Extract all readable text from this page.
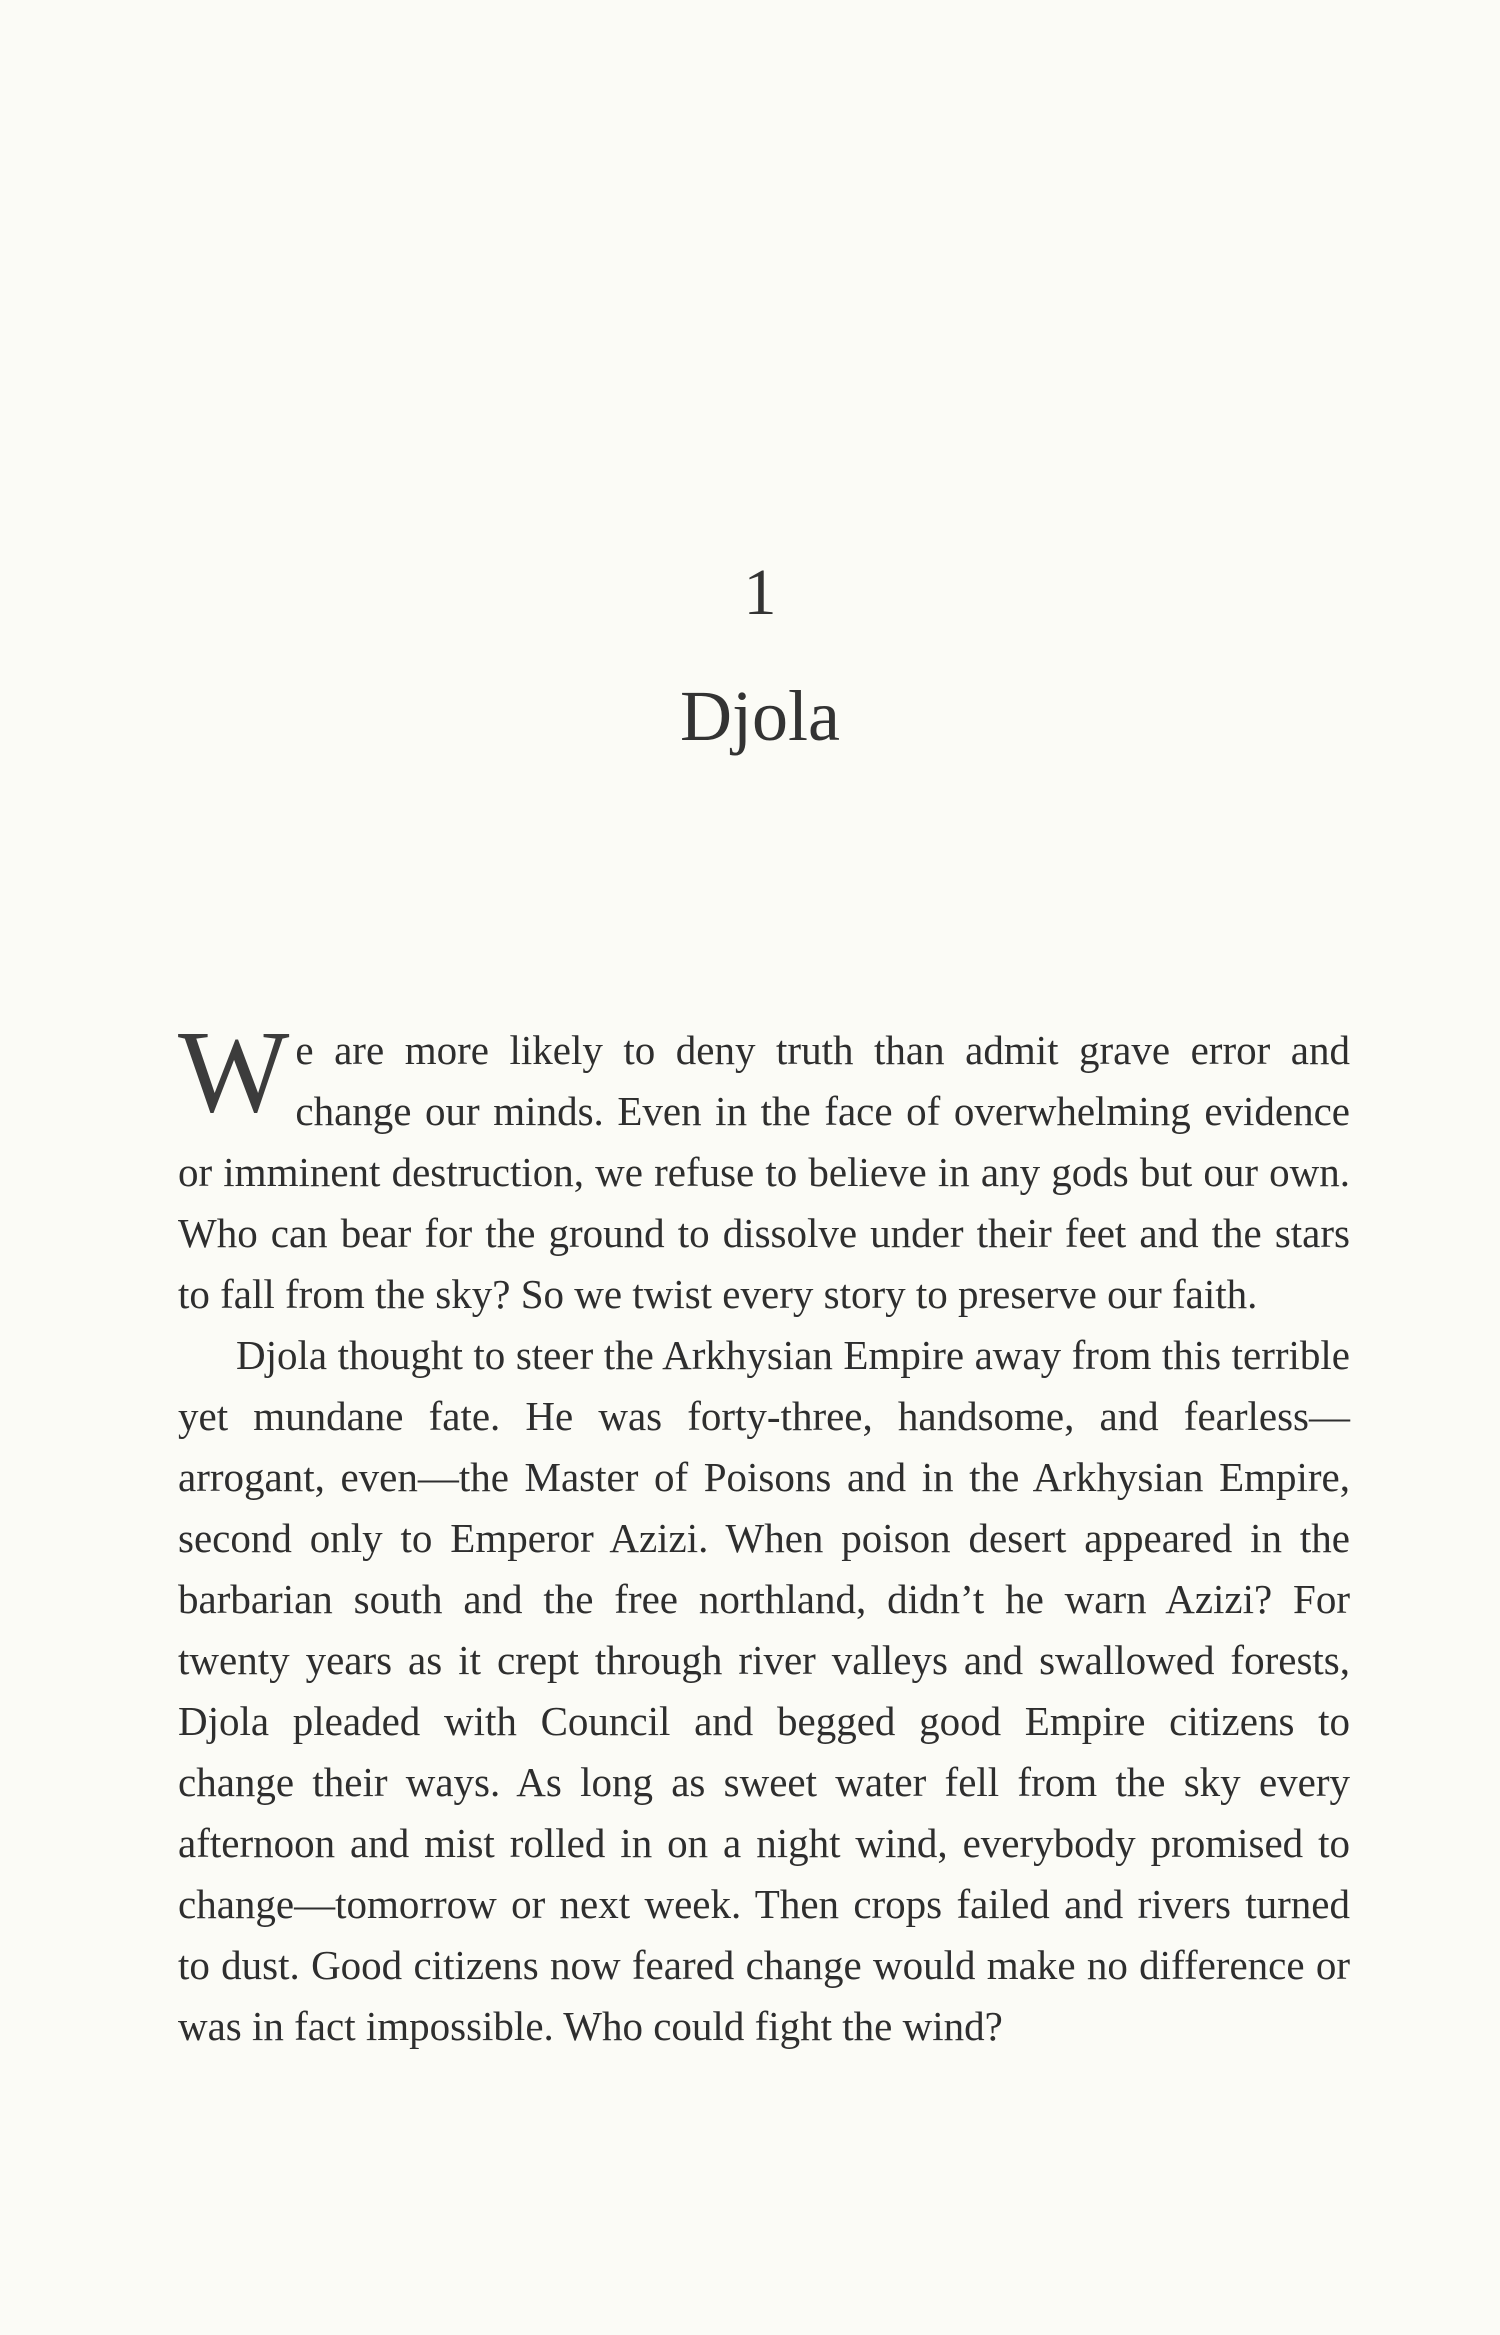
1
Djola

We are more likely to deny truth than admit grave error and change our minds. Even in the face of overwhelming evidence or imminent destruction, we refuse to believe in any gods but our own. Who can bear for the ground to dissolve under their feet and the stars to fall from the sky? So we twist every story to preserve our faith.

Djola thought to steer the Arkhysian Empire away from this terrible yet mundane fate. He was forty-three, handsome, and fearless—arrogant, even—the Master of Poisons and in the Arkhysian Empire, second only to Emperor Azizi. When poison desert appeared in the barbarian south and the free northland, didn’t he warn Azizi? For twenty years as it crept through river valleys and swallowed forests, Djola pleaded with Council and begged good Empire citizens to change their ways. As long as sweet water fell from the sky every afternoon and mist rolled in on a night wind, everybody promised to change—tomorrow or next week. Then crops failed and rivers turned to dust. Good citizens now feared change would make no difference or was in fact impossible. Who could fight the wind?
